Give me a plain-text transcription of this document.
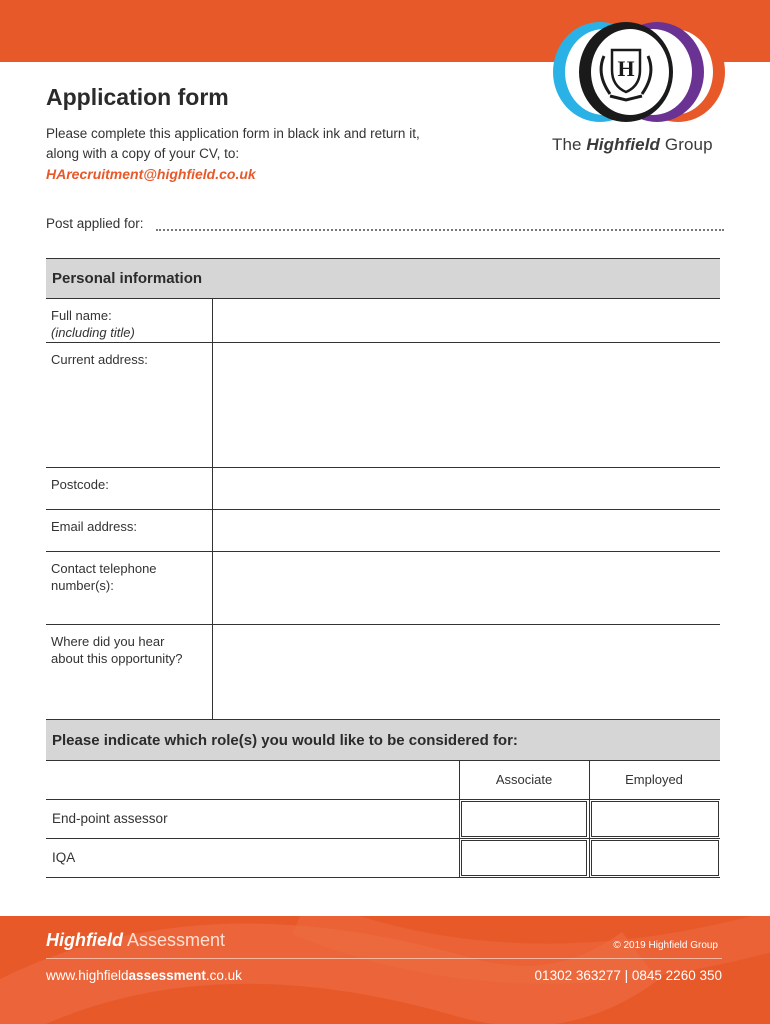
H
The Highfield Group
Application form
Please complete this application form in black ink and return it,
along with a copy of your CV, to:
HArecruitment@highfield.co.uk
Post applied for:
Personal information
Full name:
(including title)
Current address:
Postcode:
Email address:
Contact telephone
number(s):
Where did you hear
about this opportunity?
Please indicate which role(s) you would like to be considered for:
Associate	Employed
End-point assessor
IQA
Highfield Assessment	© 2019 Highfield Group
www.highfieldassessment.co.uk	01302 363277 | 0845 2260 350
